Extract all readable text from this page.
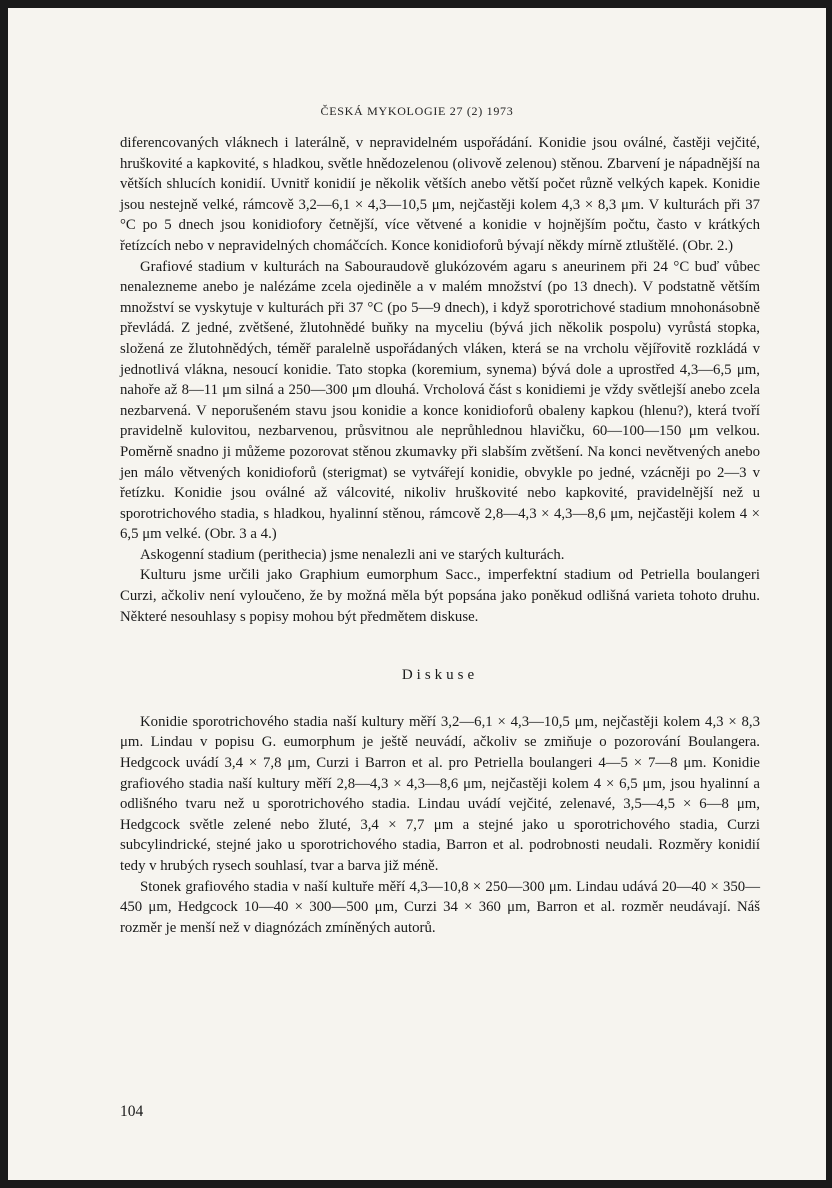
ČESKÁ MYKOLOGIE 27 (2) 1973

diferencovaných vláknech i laterálně, v nepravidelném uspořádání. Konidie jsou oválné, častěji vejčité, hruškovité a kapkovité, s hladkou, světle hnědozelenou (olivově zelenou) stěnou. Zbarvení je nápadnější na větších shlucích konidií. Uvnitř konidií je několik větších anebo větší počet různě velkých kapek. Konidie jsou nestejně velké, rámcově 3,2—6,1 × 4,3—10,5 μm, nejčastěji kolem 4,3 × 8,3 μm. V kulturách při 37 °C po 5 dnech jsou konidiofory četnější, více větvené a konidie v hojnějším počtu, často v krátkých řetízcích nebo v nepravidelných chomáčcích. Konce konidioforů bývají někdy mírně ztluštělé. (Obr. 2.)

Grafiové stadium v kulturách na Sabouraudově glukózovém agaru s aneurinem při 24 °C buď vůbec nenalezneme anebo je nalézáme zcela ojediněle a v malém množství (po 13 dnech). V podstatně větším množství se vyskytuje v kulturách při 37 °C (po 5—9 dnech), i když sporotrichové stadium mnohonásobně převládá. Z jedné, zvětšené, žlutohnědé buňky na myceliu (bývá jich několik pospolu) vyrůstá stopka, složená ze žlutohnědých, téměř paralelně uspořádaných vláken, která se na vrcholu vějířovitě rozkládá v jednotlivá vlákna, nesoucí konidie. Tato stopka (koremium, synema) bývá dole a uprostřed 4,3—6,5 μm, nahoře až 8—11 μm silná a 250—300 μm dlouhá. Vrcholová část s konidiemi je vždy světlejší anebo zcela nezbarvená. V neporušeném stavu jsou konidie a konce konidioforů obaleny kapkou (hlenu?), která tvoří pravidelně kulovitou, nezbarvenou, průsvitnou ale neprůhlednou hlavičku, 60—100—150 μm velkou. Poměrně snadno ji můžeme pozorovat stěnou zkumavky při slabším zvětšení. Na konci nevětvených anebo jen málo větvených konidioforů (sterigmat) se vytvářejí konidie, obvykle po jedné, vzácněji po 2—3 v řetízku. Konidie jsou oválné až válcovité, nikoliv hruškovité nebo kapkovité, pravidelnější než u sporotrichového stadia, s hladkou, hyalinní stěnou, rámcově 2,8—4,3 × 4,3—8,6 μm, nejčastěji kolem 4 × 6,5 μm velké. (Obr. 3 a 4.)

Askogenní stadium (perithecia) jsme nenalezli ani ve starých kulturách.

Kulturu jsme určili jako Graphium eumorphum Sacc., imperfektní stadium od Petriella boulangeri Curzi, ačkoliv není vyloučeno, že by možná měla být popsána jako poněkud odlišná varieta tohoto druhu. Některé nesouhlasy s popisy mohou být předmětem diskuse.

Diskuse

Konidie sporotrichového stadia naší kultury měří 3,2—6,1 × 4,3—10,5 μm, nejčastěji kolem 4,3 × 8,3 μm. Lindau v popisu G. eumorphum je ještě neuvádí, ačkoliv se zmiňuje o pozorování Boulangera. Hedgcock uvádí 3,4 × 7,8 μm, Curzi i Barron et al. pro Petriella boulangeri 4—5 × 7—8 μm. Konidie grafiového stadia naší kultury měří 2,8—4,3 × 4,3—8,6 μm, nejčastěji kolem 4 × 6,5 μm, jsou hyalinní a odlišného tvaru než u sporotrichového stadia. Lindau uvádí vejčité, zelenavé, 3,5—4,5 × 6—8 μm, Hedgcock světle zelené nebo žluté, 3,4 × 7,7 μm a stejné jako u sporotrichového stadia, Curzi subcylindrické, stejné jako u sporotrichového stadia, Barron et al. podrobnosti neudali. Rozměry konidií tedy v hrubých rysech souhlasí, tvar a barva již méně.

Stonek grafiového stadia v naší kultuře měří 4,3—10,8 × 250—300 μm. Lindau udává 20—40 × 350—450 μm, Hedgcock 10—40 × 300—500 μm, Curzi 34 × 360 μm, Barron et al. rozměr neudávají. Náš rozměr je menší než v diagnózách zmíněných autorů.

104
